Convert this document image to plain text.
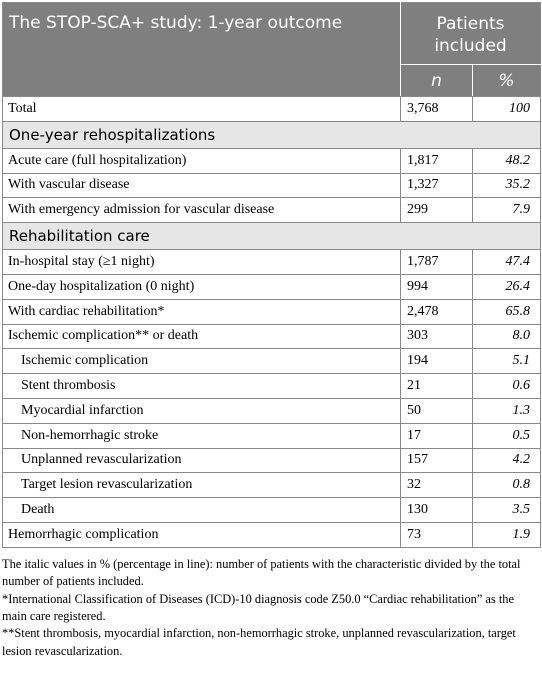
The STOP-SCA+ study: 1-year outcome	Patients
included	
	n	%
Total	3,768	100
One-year rehospitalizations		
Acute care (full hospitalization)	1,817	48.2
With vascular disease	1,327	35.2
With emergency admission for vascular disease	299	7.9
Rehabilitation care		
In-hospital stay (≥1 night)	1,787	47.4
One-day hospitalization (0 night)	994	26.4
With cardiac rehabilitation*	2,478	65.8
Ischemic complication** or death	303	8.0
Ischemic complication	194	5.1
Stent thrombosis	21	0.6
Myocardial infarction	50	1.3
Non-hemorrhagic stroke	17	0.5
Unplanned revascularization	157	4.2
Target lesion revascularization	32	0.8
Death	130	3.5
Hemorrhagic complication	73	1.9

The italic values in % (percentage in line): number of patients with the characteristic divided by the total number of patients included.

*International Classification of Diseases (ICD)-10 diagnosis code Z50.0 “Cardiac rehabilitation” as the main care registered.

**Stent thrombosis, myocardial infarction, non-hemorrhagic stroke, unplanned revascularization, target lesion revascularization.
